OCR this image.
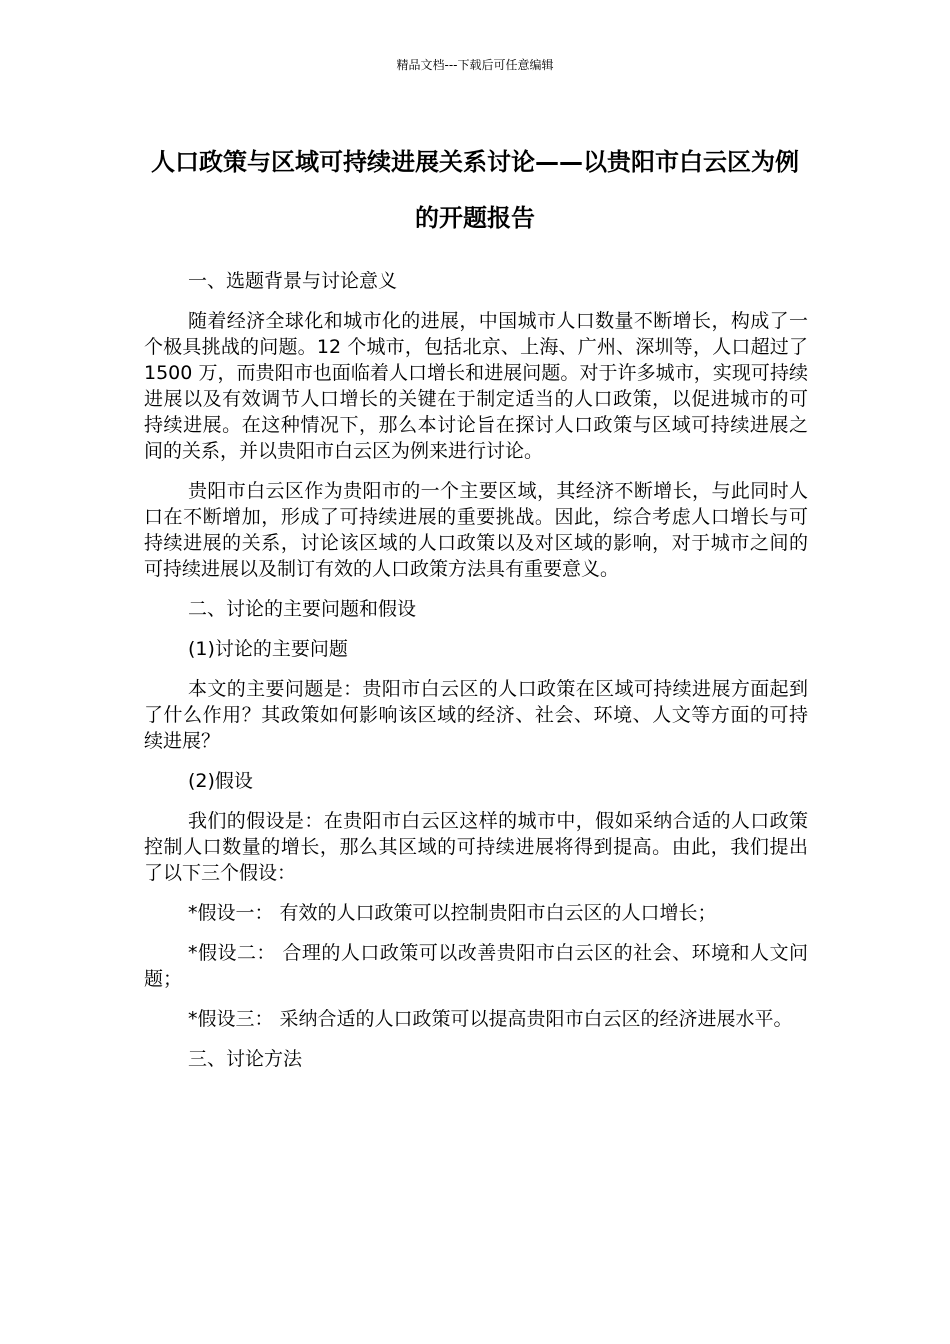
精品文档---下载后可任意编辑
人口政策与区域可持续进展关系讨论——以贵阳市白云区为例的开题报告

一、选题背景与讨论意义

随着经济全球化和城市化的进展，中国城市人口数量不断增长，构成了一个极具挑战的问题。12 个城市，包括北京、上海、广州、深圳等，人口超过了 1500 万，而贵阳市也面临着人口增长和进展问题。对于许多城市，实现可持续进展以及有效调节人口增长的关键在于制定适当的人口政策，以促进城市的可持续进展。在这种情况下，那么本讨论旨在探讨人口政策与区域可持续进展之间的关系，并以贵阳市白云区为例来进行讨论。

贵阳市白云区作为贵阳市的一个主要区域，其经济不断增长，与此同时人口在不断增加，形成了可持续进展的重要挑战。因此，综合考虑人口增长与可持续进展的关系，讨论该区域的人口政策以及对区域的影响，对于城市之间的可持续进展以及制订有效的人口政策方法具有重要意义。

二、讨论的主要问题和假设

(1)讨论的主要问题

本文的主要问题是：贵阳市白云区的人口政策在区域可持续进展方面起到了什么作用？其政策如何影响该区域的经济、社会、环境、人文等方面的可持续进展？

(2)假设

我们的假设是：在贵阳市白云区这样的城市中，假如采纳合适的人口政策控制人口数量的增长，那么其区域的可持续进展将得到提高。由此，我们提出了以下三个假设：

*假设一： 有效的人口政策可以控制贵阳市白云区的人口增长；

*假设二： 合理的人口政策可以改善贵阳市白云区的社会、环境和人文问题；

*假设三： 采纳合适的人口政策可以提高贵阳市白云区的经济进展水平。

三、讨论方法
